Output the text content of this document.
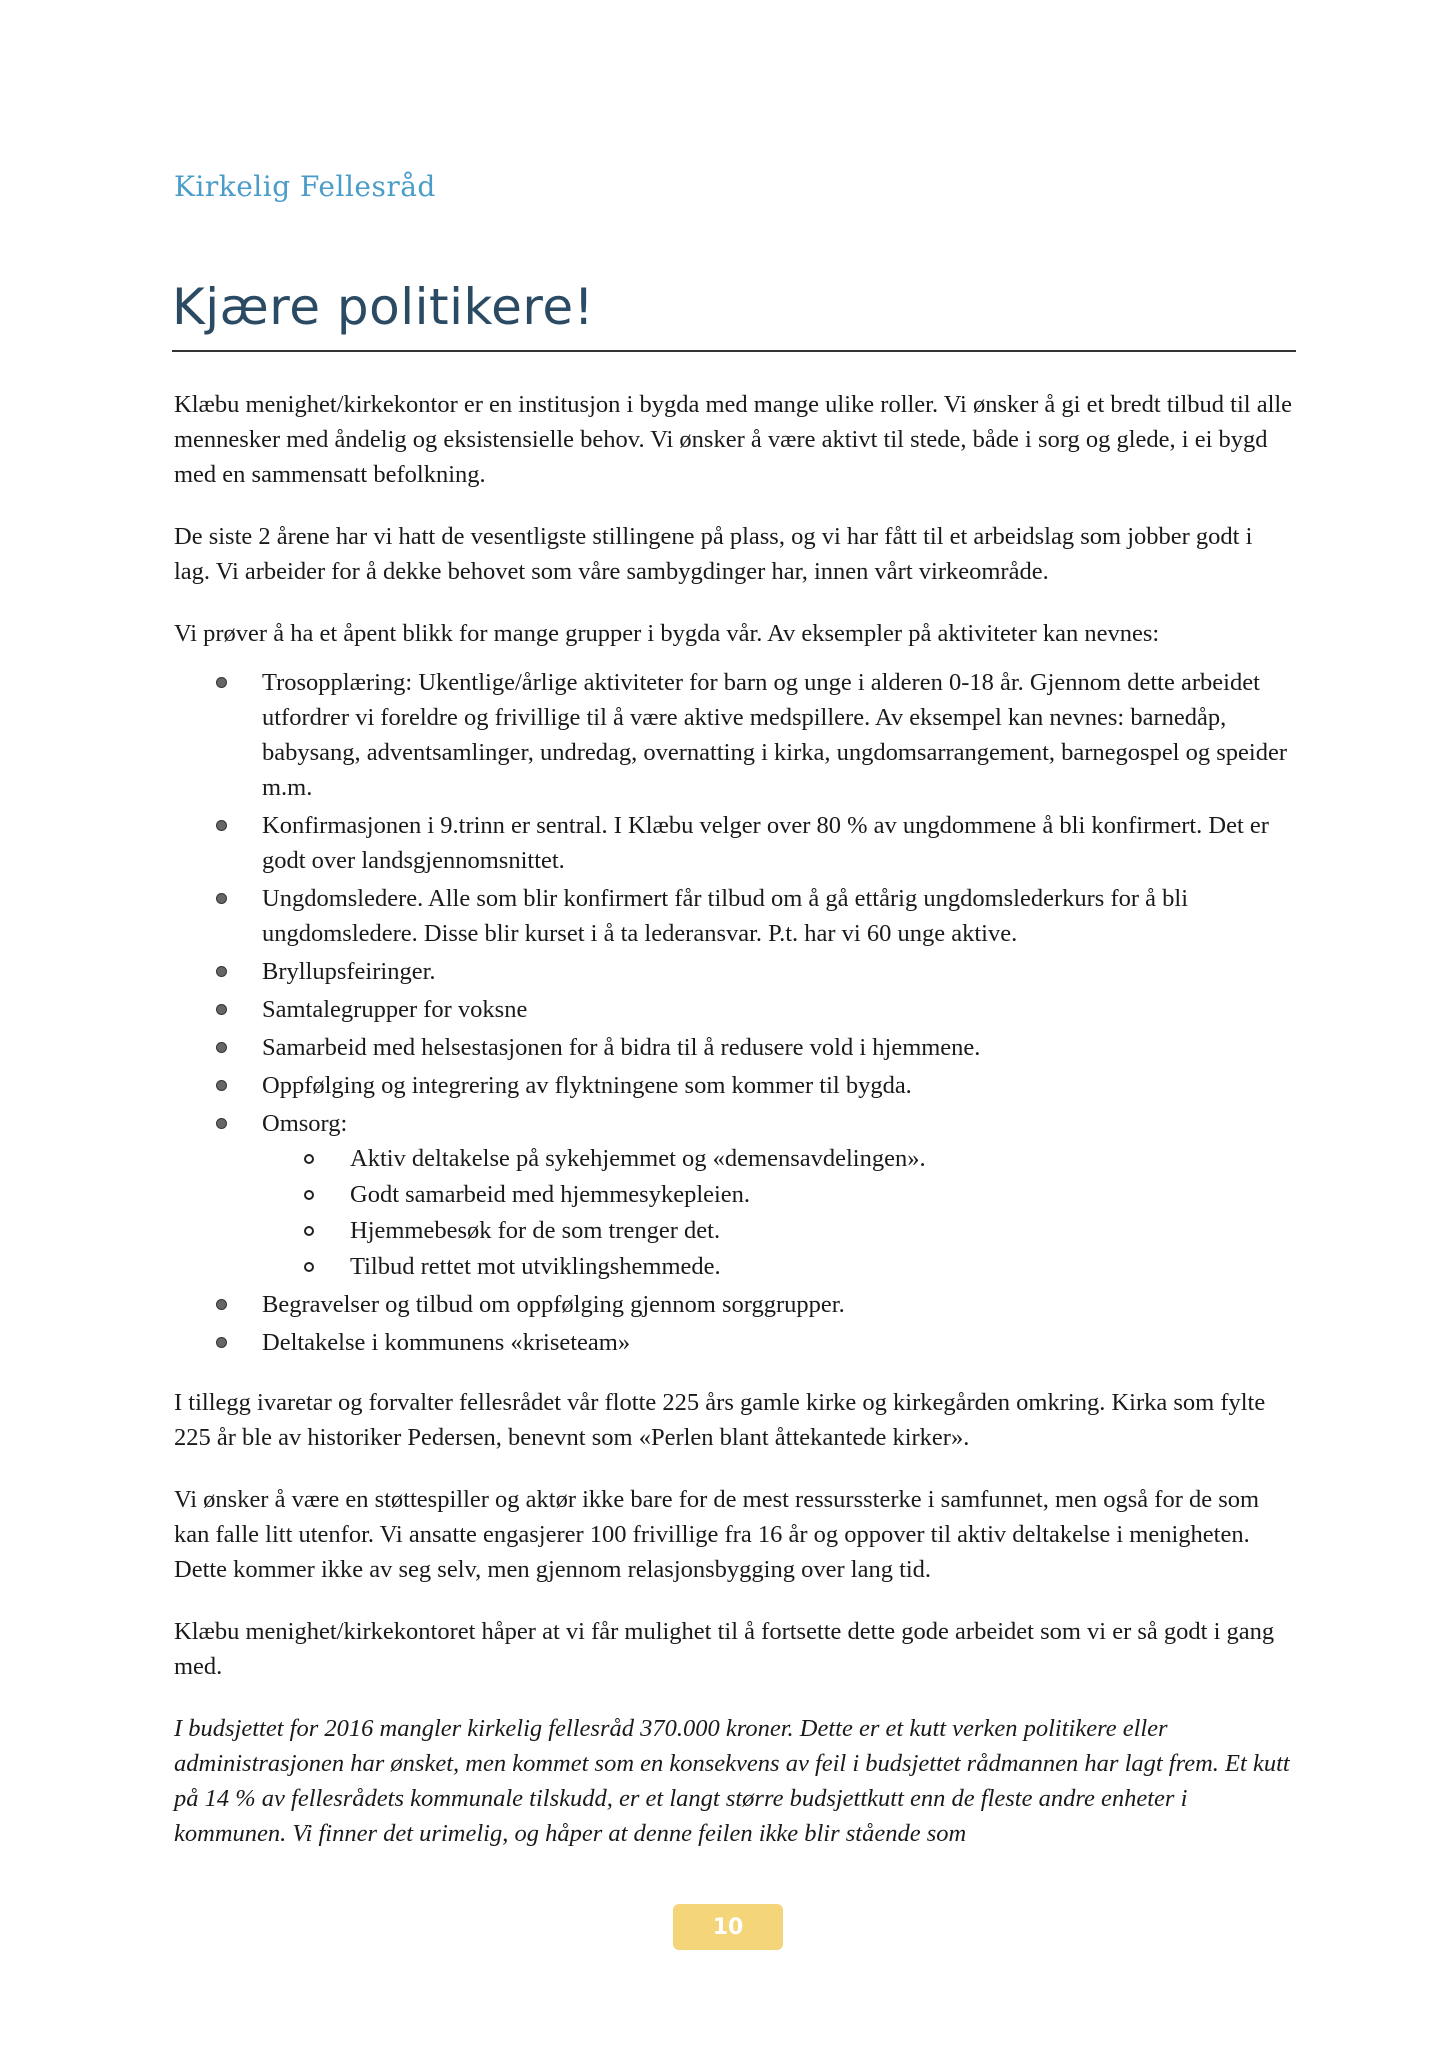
Kirkelig Fellesråd
Kjære politikere!

Klæbu menighet/kirkekontor er en institusjon i bygda med mange ulike roller. Vi ønsker å gi et bredt tilbud til alle mennesker med åndelig og eksistensielle behov. Vi ønsker å være aktivt til stede, både i sorg og glede, i ei bygd med en sammensatt befolkning.

De siste 2 årene har vi hatt de vesentligste stillingene på plass, og vi har fått til et arbeidslag som jobber godt i lag. Vi arbeider for å dekke behovet som våre sambygdinger har, innen vårt virkeområde.

Vi prøver å ha et åpent blikk for mange grupper i bygda vår. Av eksempler på aktiviteter kan nevnes:

Trosopplæring: Ukentlige/årlige aktiviteter for barn og unge i alderen 0-18 år. Gjennom dette arbeidet utfordrer vi foreldre og frivillige til å være aktive medspillere. Av eksempel kan nevnes: barnedåp, babysang, adventsamlinger, undredag, overnatting i kirka, ungdomsarrangement, barnegospel og speider m.m.
Konfirmasjonen i 9.trinn er sentral. I Klæbu velger over 80 % av ungdommene å bli konfirmert. Det er godt over landsgjennomsnittet.
Ungdomsledere. Alle som blir konfirmert får tilbud om å gå ettårig ungdomslederkurs for å bli ungdomsledere. Disse blir kurset i å ta lederansvar. P.t. har vi 60 unge aktive.
Bryllupsfeiringer.
Samtalegrupper for voksne
Samarbeid med helsestasjonen for å bidra til å redusere vold i hjemmene.
Oppfølging og integrering av flyktningene som kommer til bygda.
Omsorg:
Aktiv deltakelse på sykehjemmet og «demensavdelingen».
Godt samarbeid med hjemmesykepleien.
Hjemmebesøk for de som trenger det.
Tilbud rettet mot utviklingshemmede.
Begravelser og tilbud om oppfølging gjennom sorggrupper.
Deltakelse i kommunens «kriseteam»

I tillegg ivaretar og forvalter fellesrådet vår flotte 225 års gamle kirke og kirkegården omkring. Kirka som fylte 225 år ble av historiker Pedersen, benevnt som «Perlen blant åttekantede kirker».

Vi ønsker å være en støttespiller og aktør ikke bare for de mest ressurssterke i samfunnet, men også for de som kan falle litt utenfor. Vi ansatte engasjerer 100 frivillige fra 16 år og oppover til aktiv deltakelse i menigheten. Dette kommer ikke av seg selv, men gjennom relasjonsbygging over lang tid.

Klæbu menighet/kirkekontoret håper at vi får mulighet til å fortsette dette gode arbeidet som vi er så godt i gang med.

I budsjettet for 2016 mangler kirkelig fellesråd 370.000 kroner. Dette er et kutt verken politikere eller administrasjonen har ønsket, men kommet som en konsekvens av feil i budsjettet rådmannen har lagt frem. Et kutt på 14 % av fellesrådets kommunale tilskudd, er et langt større budsjettkutt enn de fleste andre enheter i kommunen. Vi finner det urimelig, og håper at denne feilen ikke blir stående som

10
